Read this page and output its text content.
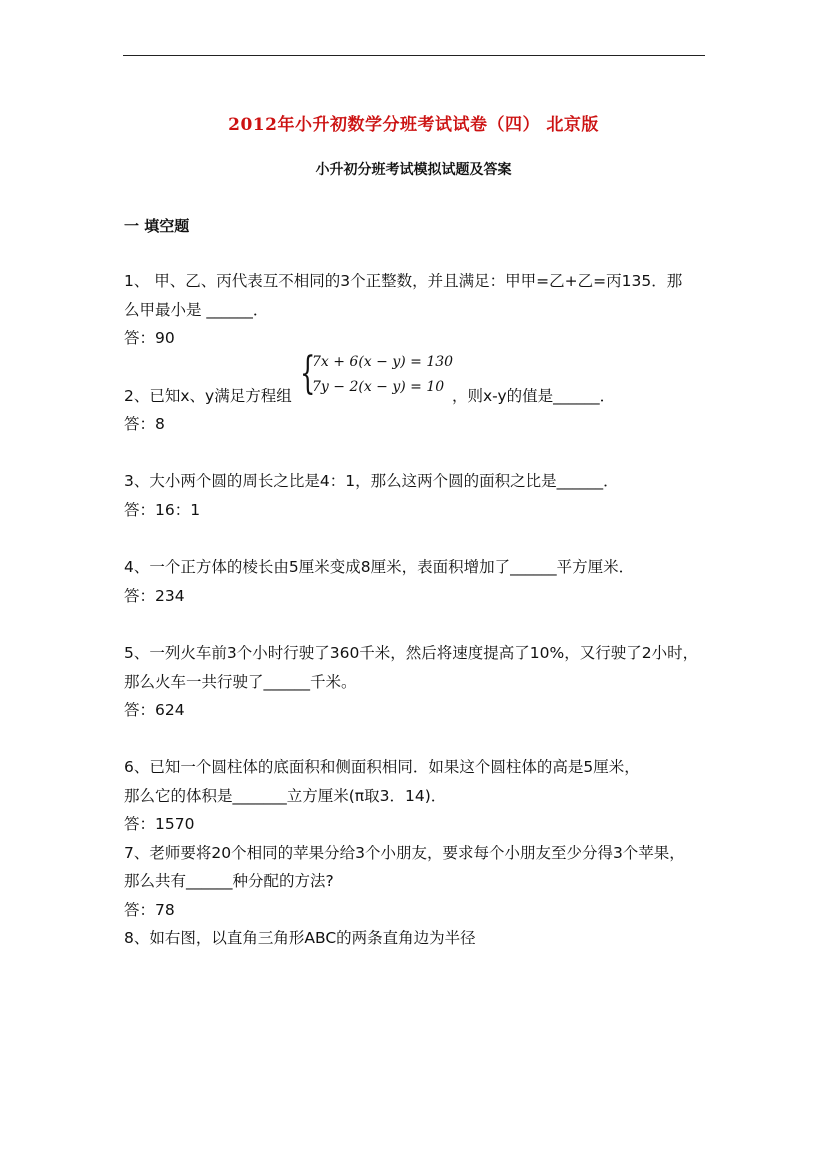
2012年小升初数学分班考试试卷（四） 北京版
小升初分班考试模拟试题及答案
一 填空题
1、 甲、乙、丙代表互不相同的3个正整数，并且满足：甲甲=乙+乙=丙135．那
么甲最小是 ______．
答：90
2、已知x、y满足方程组 {
7x + 6(x − y) = 130
7y − 2(x − y) = 10 ，则x-y的值是______．
答：8
3、大小两个圆的周长之比是4：1，那么这两个圆的面积之比是______．
答：16：1
4、一个正方体的棱长由5厘米变成8厘米，表面积增加了______平方厘米．
答：234
5、一列火车前3个小时行驶了360千米，然后将速度提高了10%，又行驶了2小时，
那么火车一共行驶了______千米。
答：624
6、已知一个圆柱体的底面积和侧面积相同．如果这个圆柱体的高是5厘米，
那么它的体积是_______立方厘米(π取3．14)．
答：1570
7、老师要将20个相同的苹果分给3个小朋友，要求每个小朋友至少分得3个苹果，
那么共有______种分配的方法?
答：78
8、如右图，以直角三角形ABC的两条直角边为半径
